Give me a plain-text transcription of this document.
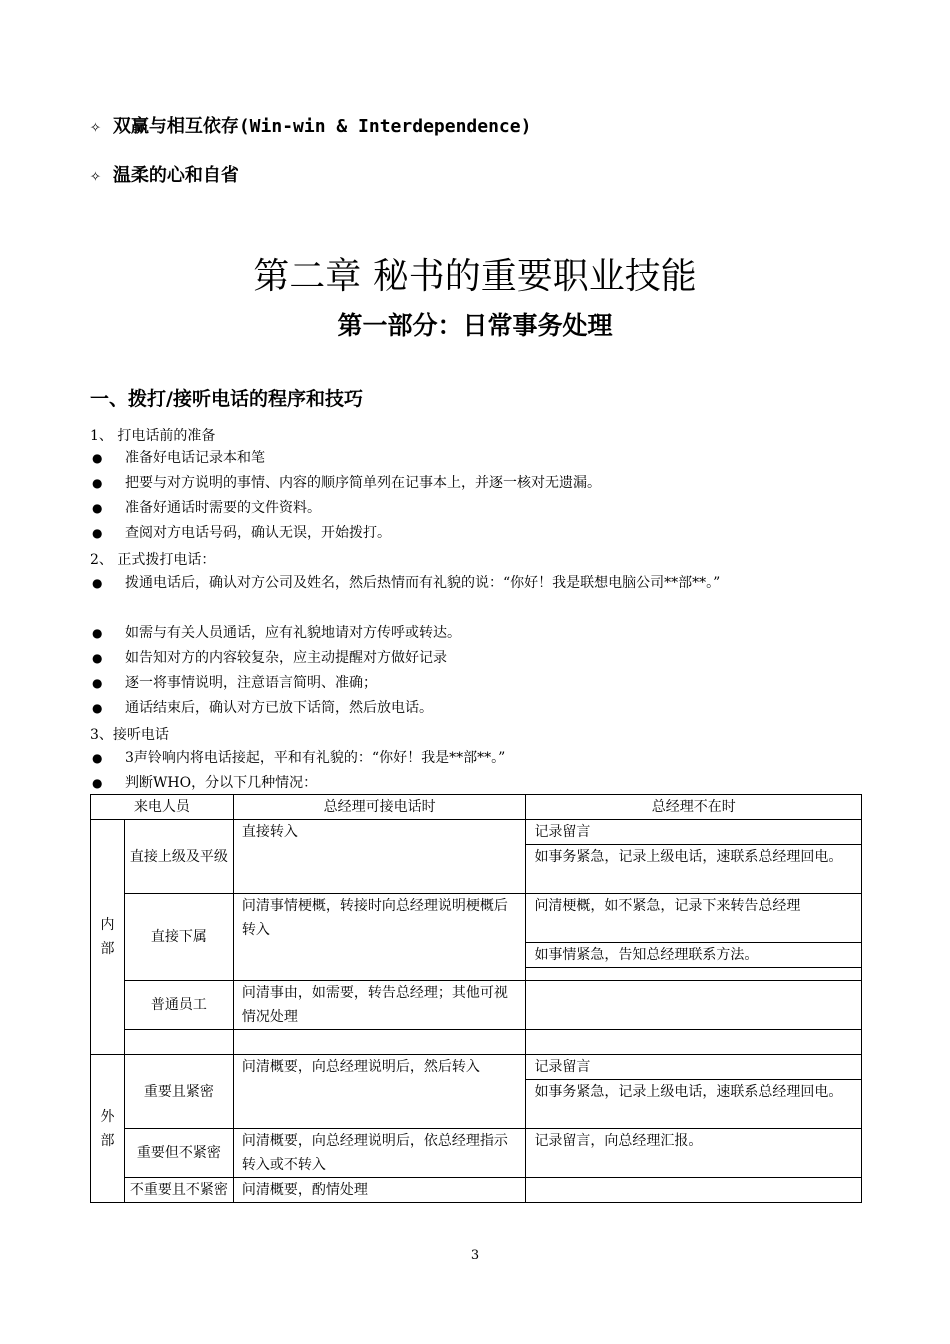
✧ 双赢与相互依存(Win-win & Interdependence)
✧ 温柔的心和自省
第二章 秘书的重要职业技能
第一部分：日常事务处理
一、拨打/接听电话的程序和技巧
1、 打电话前的准备
● 准备好电话记录本和笔
● 把要与对方说明的事情、内容的顺序简单列在记事本上，并逐一核对无遗漏。
● 准备好通话时需要的文件资料。
● 查阅对方电话号码，确认无误，开始拨打。
2、 正式拨打电话：
● 拨通电话后，确认对方公司及姓名，然后热情而有礼貌的说：“你好！我是联想电脑公司**部**。”
● 如需与有关人员通话，应有礼貌地请对方传呼或转达。
● 如告知对方的内容较复杂，应主动提醒对方做好记录
● 逐一将事情说明，注意语言简明、准确；
● 通话结束后，确认对方已放下话筒，然后放电话。
3、接听电话
● 3声铃响内将电话接起，平和有礼貌的：“你好！我是**部**。”
● 判断WHO，分以下几种情况：
来电人员		总经理可接电话时	总经理不在时
内部	直接上级及平级	直接转入	记录留言
			如事务紧急，记录上级电话，速联系总经理回电。
	直接下属	问清事情梗概，转接时向总经理说明梗概后转入	问清梗概，如不紧急，记录下来转告总经理
			如事情紧急，告知总经理联系方法。

	普通员工	问清事由，如需要，转告总经理；其他可视情况处理	

外部	重要且紧密	问清概要，向总经理说明后，然后转入	记录留言
			如事务紧急，记录上级电话，速联系总经理回电。
	重要但不紧密	问清概要，向总经理说明后，依总经理指示转入或不转入	记录留言，向总经理汇报。
	不重要且不紧密	问清概要，酌情处理	
3
